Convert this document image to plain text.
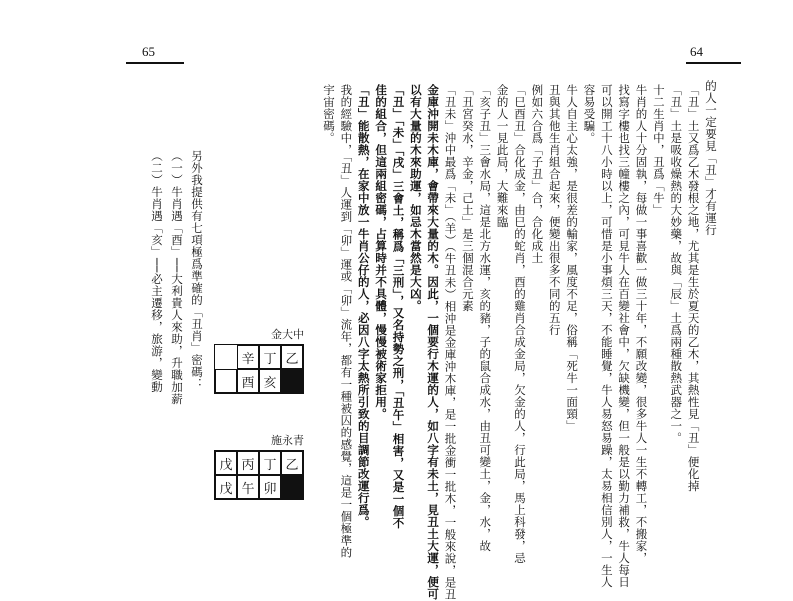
65	64
另外我提供有七項極爲準確的「丑肖」密碼：
（一）牛肖遇「酉」──大利貴人來助，升職加薪
（二）牛肖遇「亥」──必主遷移，旅游，變動	金大中
辛 丁 乙
酉 亥
施永青
戊 丙 丁 乙
戊 午 卯
的人一定要見「丑」才有運行
「丑」土又爲乙木發根之地，尤其是生於夏天的乙木，其熱性見「丑」便化掉
「丑」土是吸收燥熱的大妙藥，故與「辰」土爲兩種散熱武器之一。
十二生肖中，丑爲「牛」
牛肖的人十分固執，每做一事喜歡一做三十年，不願改變，很多牛人一生不轉工，不搬家，
找寫字樓也找三幢樓之內，可見牛人在百變社會中，欠缺機變，但一般是以勤力補救，牛人每日
可以開工十八小時以上，可惜是小事煩三天，不能睡覺，牛人易怒易躁，太易相信別人，一生人
容易受騙。
牛人自主心太強，是很差的輸家，風度不足，俗稱「死牛一面頸」
丑與其他生肖組合起來，便變出很多不同的五行
例如六合爲「子丑」合，合化成土
「巳酉丑」合化成金，由巳的蛇肖，酉的雞肖合成金局，欠金的人，行此局，馬上科發，忌
金的人一見此局，大難來臨
「亥子丑」三會水局，這是北方水運，亥的豬，子的鼠合成水，由丑可變土，金，水，故
「丑宮癸水，辛金，己土」是三個混合元素
「丑未」沖中最爲「未」（羊）（牛丑未）相沖是金庫沖木庫，是一批金衝一批木，一般來說，是丑
金庫沖開未木庫，會帶來大量的木。因此，一個要行木運的人，如八字有未土，見丑土大運，便可
以有大量的木來助運，如忌木當然是大凶。
「丑」「未」「戌」三會土，稱爲「三刑」，又名持勢之刑，「丑午」相害，又是一個不
佳的組合，但這兩組密碼，占算時并不具體，慢慢被術家拒用。
「丑」能散熱，在家中放一牛肖公仔的人，必因八字太熱所引致的目調節改運行爲。
我的經驗中，「丑」人運到「卯」運或「卯」流年，都有一種被囚的感覺，這是一個極準的
宇宙密碼。
